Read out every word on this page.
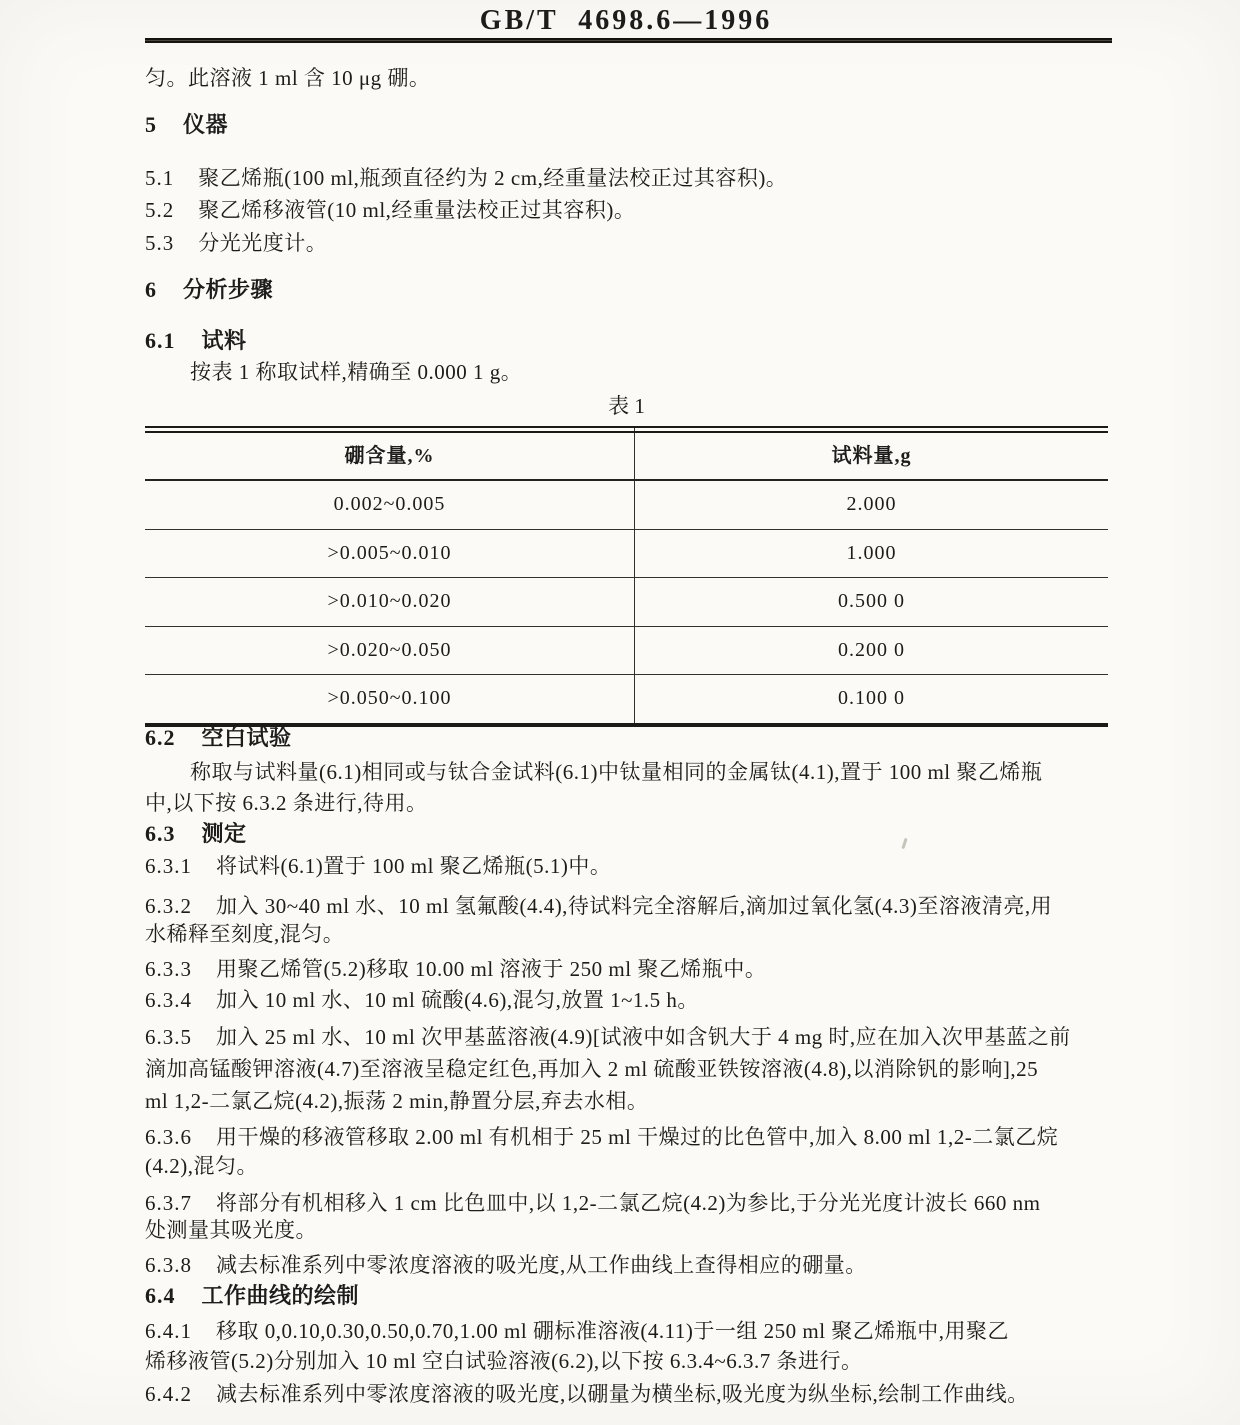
GB/T 4698.6—1996
匀。此溶液 1 ml 含 10 μg 硼。
5 仪器
5.1 聚乙烯瓶(100 ml,瓶颈直径约为 2 cm,经重量法校正过其容积)。
5.2 聚乙烯移液管(10 ml,经重量法校正过其容积)。
5.3 分光光度计。
6 分析步骤
6.1 试料
按表 1 称取试样,精确至 0.000 1 g。
表 1
硼含量,%	试料量,g
0.002~0.005	2.000
>0.005~0.010	1.000
>0.010~0.020	0.500 0
>0.020~0.050	0.200 0
>0.050~0.100	0.100 0
6.2 空白试验
称取与试料量(6.1)相同或与钛合金试料(6.1)中钛量相同的金属钛(4.1),置于 100 ml 聚乙烯瓶
中,以下按 6.3.2 条进行,待用。
6.3 测定
6.3.1 将试料(6.1)置于 100 ml 聚乙烯瓶(5.1)中。
6.3.2 加入 30~40 ml 水、10 ml 氢氟酸(4.4),待试料完全溶解后,滴加过氧化氢(4.3)至溶液清亮,用
水稀释至刻度,混匀。
6.3.3 用聚乙烯管(5.2)移取 10.00 ml 溶液于 250 ml 聚乙烯瓶中。
6.3.4 加入 10 ml 水、10 ml 硫酸(4.6),混匀,放置 1~1.5 h。
6.3.5 加入 25 ml 水、10 ml 次甲基蓝溶液(4.9)[试液中如含钒大于 4 mg 时,应在加入次甲基蓝之前
滴加高锰酸钾溶液(4.7)至溶液呈稳定红色,再加入 2 ml 硫酸亚铁铵溶液(4.8),以消除钒的影响],25
ml 1,2-二氯乙烷(4.2),振荡 2 min,静置分层,弃去水相。
6.3.6 用干燥的移液管移取 2.00 ml 有机相于 25 ml 干燥过的比色管中,加入 8.00 ml 1,2-二氯乙烷
(4.2),混匀。
6.3.7 将部分有机相移入 1 cm 比色皿中,以 1,2-二氯乙烷(4.2)为参比,于分光光度计波长 660 nm
处测量其吸光度。
6.3.8 减去标准系列中零浓度溶液的吸光度,从工作曲线上查得相应的硼量。
6.4 工作曲线的绘制
6.4.1 移取 0,0.10,0.30,0.50,0.70,1.00 ml 硼标准溶液(4.11)于一组 250 ml 聚乙烯瓶中,用聚乙
烯移液管(5.2)分别加入 10 ml 空白试验溶液(6.2),以下按 6.3.4~6.3.7 条进行。
6.4.2 减去标准系列中零浓度溶液的吸光度,以硼量为横坐标,吸光度为纵坐标,绘制工作曲线。
